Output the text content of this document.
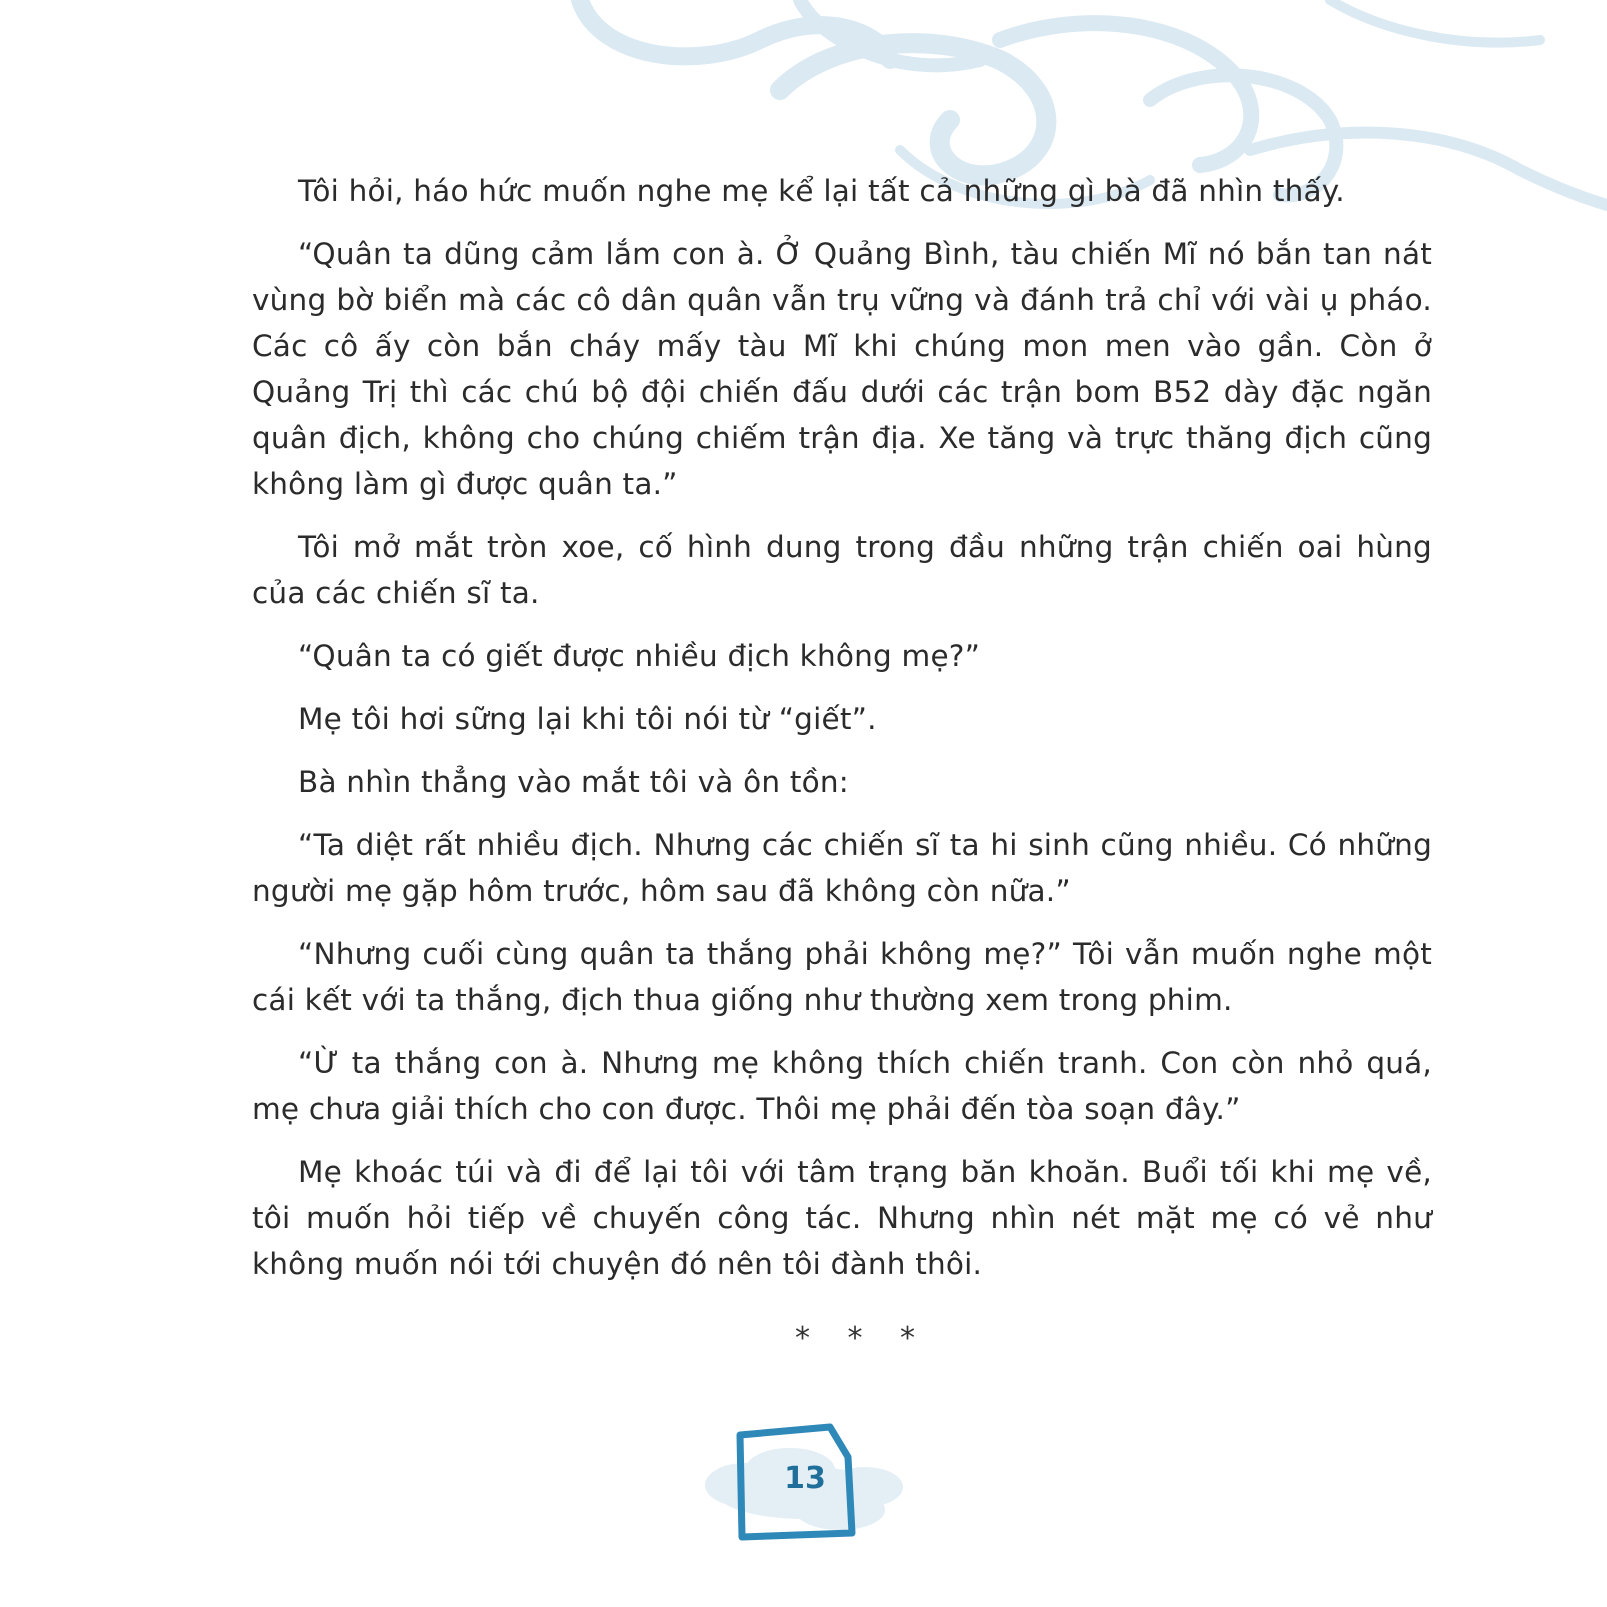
Tôi hỏi, háo hức muốn nghe mẹ kể lại tất cả những gì bà đã nhìn thấy.

“Quân ta dũng cảm lắm con à. Ở Quảng Bình, tàu chiến Mĩ nó bắn tan nát vùng bờ biển mà các cô dân quân vẫn trụ vững và đánh trả chỉ với vài ụ pháo. Các cô ấy còn bắn cháy mấy tàu Mĩ khi chúng mon men vào gần. Còn ở Quảng Trị thì các chú bộ đội chiến đấu dưới các trận bom B52 dày đặc ngăn quân địch, không cho chúng chiếm trận địa. Xe tăng và trực thăng địch cũng không làm gì được quân ta.”

Tôi mở mắt tròn xoe, cố hình dung trong đầu những trận chiến oai hùng của các chiến sĩ ta.

“Quân ta có giết được nhiều địch không mẹ?”

Mẹ tôi hơi sững lại khi tôi nói từ “giết”.

Bà nhìn thẳng vào mắt tôi và ôn tồn:

“Ta diệt rất nhiều địch. Nhưng các chiến sĩ ta hi sinh cũng nhiều. Có những người mẹ gặp hôm trước, hôm sau đã không còn nữa.”

“Nhưng cuối cùng quân ta thắng phải không mẹ?” Tôi vẫn muốn nghe một cái kết với ta thắng, địch thua giống như thường xem trong phim.

“Ừ ta thắng con à. Nhưng mẹ không thích chiến tranh. Con còn nhỏ quá, mẹ chưa giải thích cho con được. Thôi mẹ phải đến tòa soạn đây.”

Mẹ khoác túi và đi để lại tôi với tâm trạng băn khoăn. Buổi tối khi mẹ về, tôi muốn hỏi tiếp về chuyến công tác. Nhưng nhìn nét mặt mẹ có vẻ như không muốn nói tới chuyện đó nên tôi đành thôi.

* * *
13
